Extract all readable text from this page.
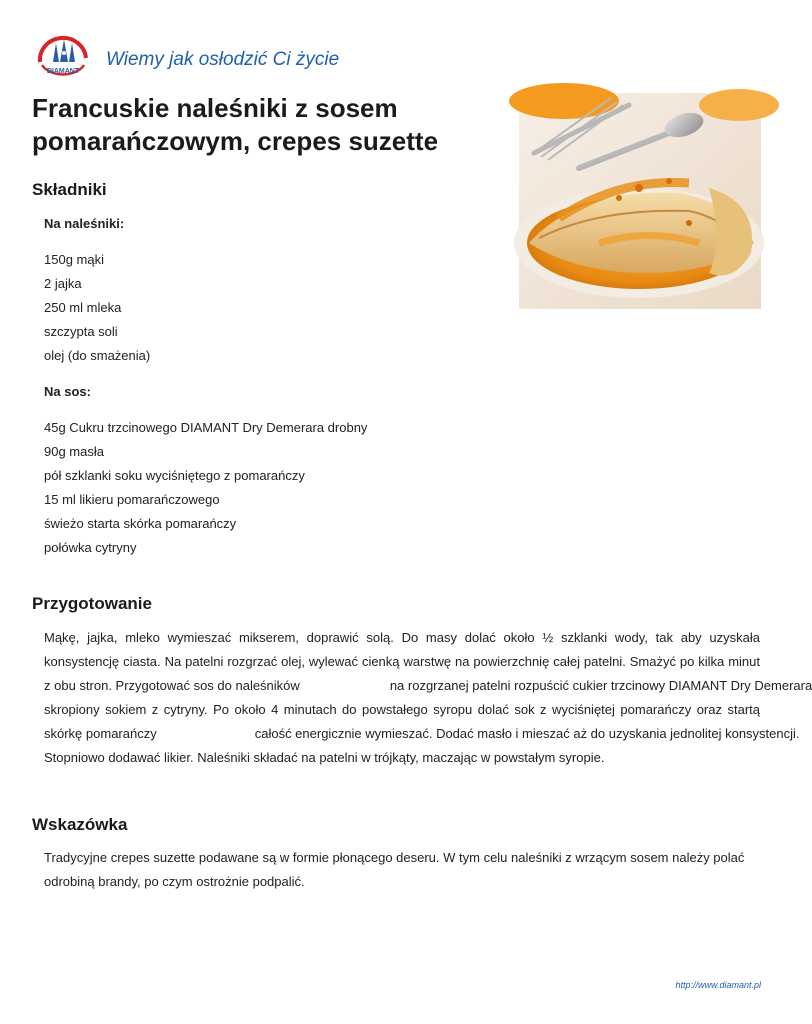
DIAMANT
Wiemy jak osłodzić Ci życie
Francuskie naleśniki z sosem
pomarańczowym, crepes suzette
Składniki
Na naleśniki:
150g mąki
2 jajka
250 ml mleka
szczypta soli
olej (do smażenia)
Na sos:
45g Cukru trzcinowego DIAMANT Dry Demerara drobny
90g masła
pół szklanki soku wyciśniętego z pomarańczy
15 ml likieru pomarańczowego
świeżo starta skórka pomarańczy
połówka cytryny
Przygotowanie
Mąkę, jajka, mleko wymieszać mikserem, doprawić solą. Do masy dolać około ½ szklanki wody, tak aby uzyskała
konsystencję ciasta. Na patelni rozgrzać olej, wylewać cienką warstwę na powierzchnię całej patelni. Smażyć po kilka minut
z obu stron. Przygotować sos do naleśników	na rozgrzanej patelni rozpuścić cukier trzcinowy DIAMANT Dry Demerara
skropiony sokiem z cytryny. Po około 4 minutach do powstałego syropu dolać sok z wyciśniętej pomarańczy oraz startą
skórkę pomarańczy	całość energicznie wymieszać. Dodać masło i mieszać aż do uzyskania jednolitej konsystencji.
Stopniowo dodawać likier. Naleśniki składać na patelni w trójkąty, maczając w powstałym syropie.
Wskazówka
Tradycyjne crepes suzette podawane są w formie płonącego deseru. W tym celu naleśniki z wrzącym sosem należy polać
odrobiną brandy, po czym ostrożnie podpalić.
http://www.diamant.pl
